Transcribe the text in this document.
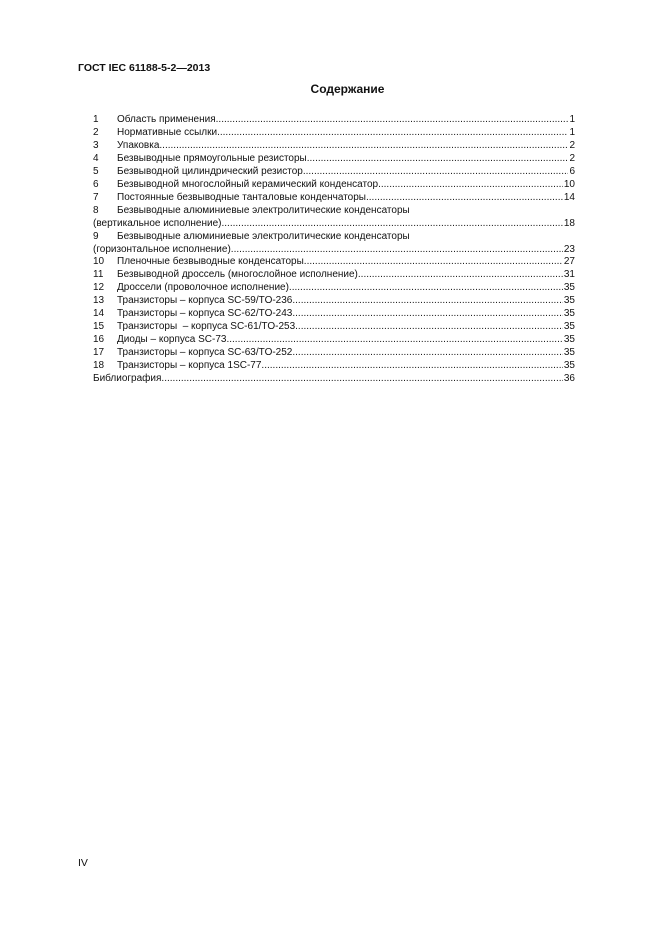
ГОСТ IEC 61188-5-2—2013
Содержание
1	Область применения .....	1
2	Нормативные ссылки .....	1
3	Упаковка .....	2
4	Безвыводные прямоугольные резисторы .....	2
5	Безвыводной цилиндрический резистор .....	6
6	Безвыводной многослойный керамический конденсатор .....	10
7	Постоянные безвыводные танталовые конденчаторы .....	14
8	Безвыводные алюминиевые электролитические конденсаторы
(вертикальное исполнение) .....	18
9	Безвыводные алюминиевые электролитические конденсаторы
(горизонтальное исполнение) .....	23
10	Пленочные безвыводные конденсаторы .....	27
11	Безвыводной дроссель (многослойное исполнение) .....	31
12	Дроссели (проволочное исполнение) .....	35
13	Транзисторы – корпуса SC-59/TO-236 .....	35
14	Транзисторы – корпуса SC-62/TO-243 .....	35
15	Транзисторы  – корпуса SC-61/TO-253 .....	35
16	Диоды – корпуса SC-73 .....	35
17	Транзисторы – корпуса SC-63/TO-252 .....	35
18	Транзисторы – корпуса 1SC-77 .....	35
Библиография .....	36
IV
